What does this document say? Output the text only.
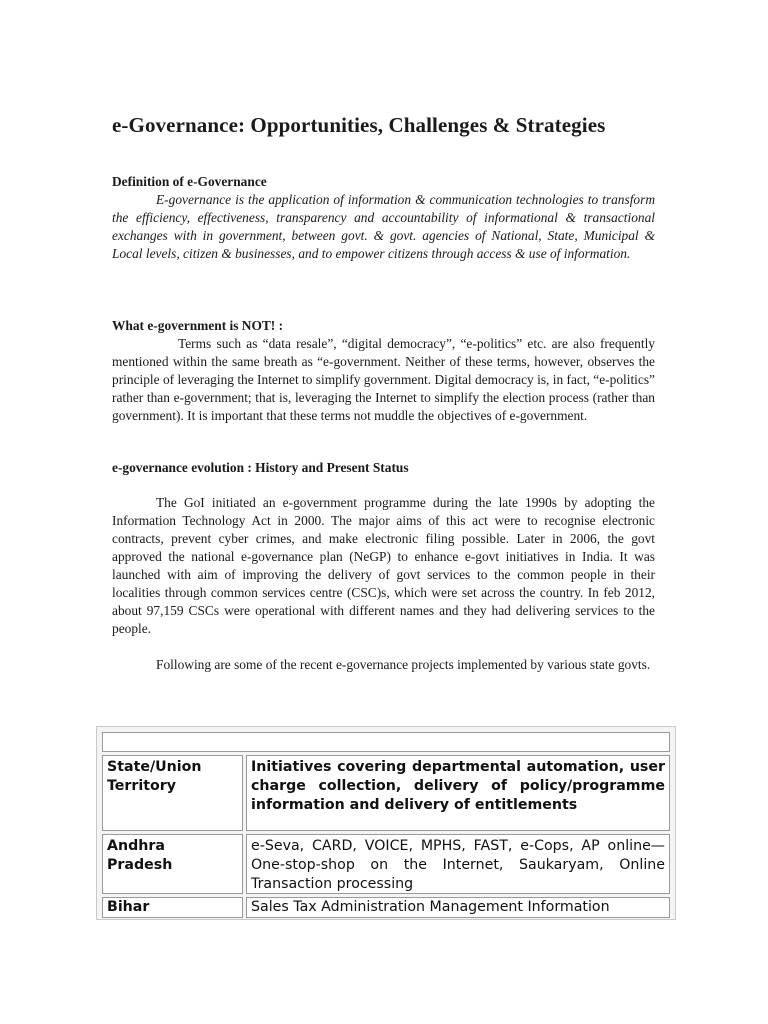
e-Governance: Opportunities, Challenges & Strategies
Definition of e-Governance

E-governance is the application of information & communication technologies to transform the efficiency, effectiveness, transparency and accountability of informational & transactional exchanges with in government, between govt. & govt. agencies of National, State, Municipal & Local levels, citizen & businesses, and to empower citizens through access & use of information.

What e-government is NOT! :

Terms such as “data resale”, “digital democracy”, “e-politics” etc. are also frequently mentioned within the same breath as “e-government. Neither of these terms, however, observes the principle of leveraging the Internet to simplify government. Digital democracy is, in fact, “e-politics” rather than e-government; that is, leveraging the Internet to simplify the election process (rather than government). It is important that these terms not muddle the objectives of e-government.

e-governance evolution : History and Present Status

The GoI initiated an e-government programme during the late 1990s by adopting the Information Technology Act in 2000. The major aims of this act were to recognise electronic contracts, prevent cyber crimes, and make electronic filing possible. Later in 2006, the govt approved the national e-governance plan (NeGP) to enhance e-govt initiatives in India. It was launched with aim of improving the delivery of govt services to the common people in their localities through common services centre (CSC)s, which were set across the country. In feb 2012, about 97,159 CSCs were operational with different names and they had delivering services to the people.

Following are some of the recent e-governance projects implemented by various state govts.

State/Union Territory
Initiatives covering departmental automation, user charge collection, delivery of policy/programme information and delivery of entitlements
Andhra Pradesh
e-Seva, CARD, VOICE, MPHS, FAST, e-Cops, AP online—One-stop-shop on the Internet, Saukaryam, Online Transaction processing
Bihar	Sales Tax Administration Management Information
